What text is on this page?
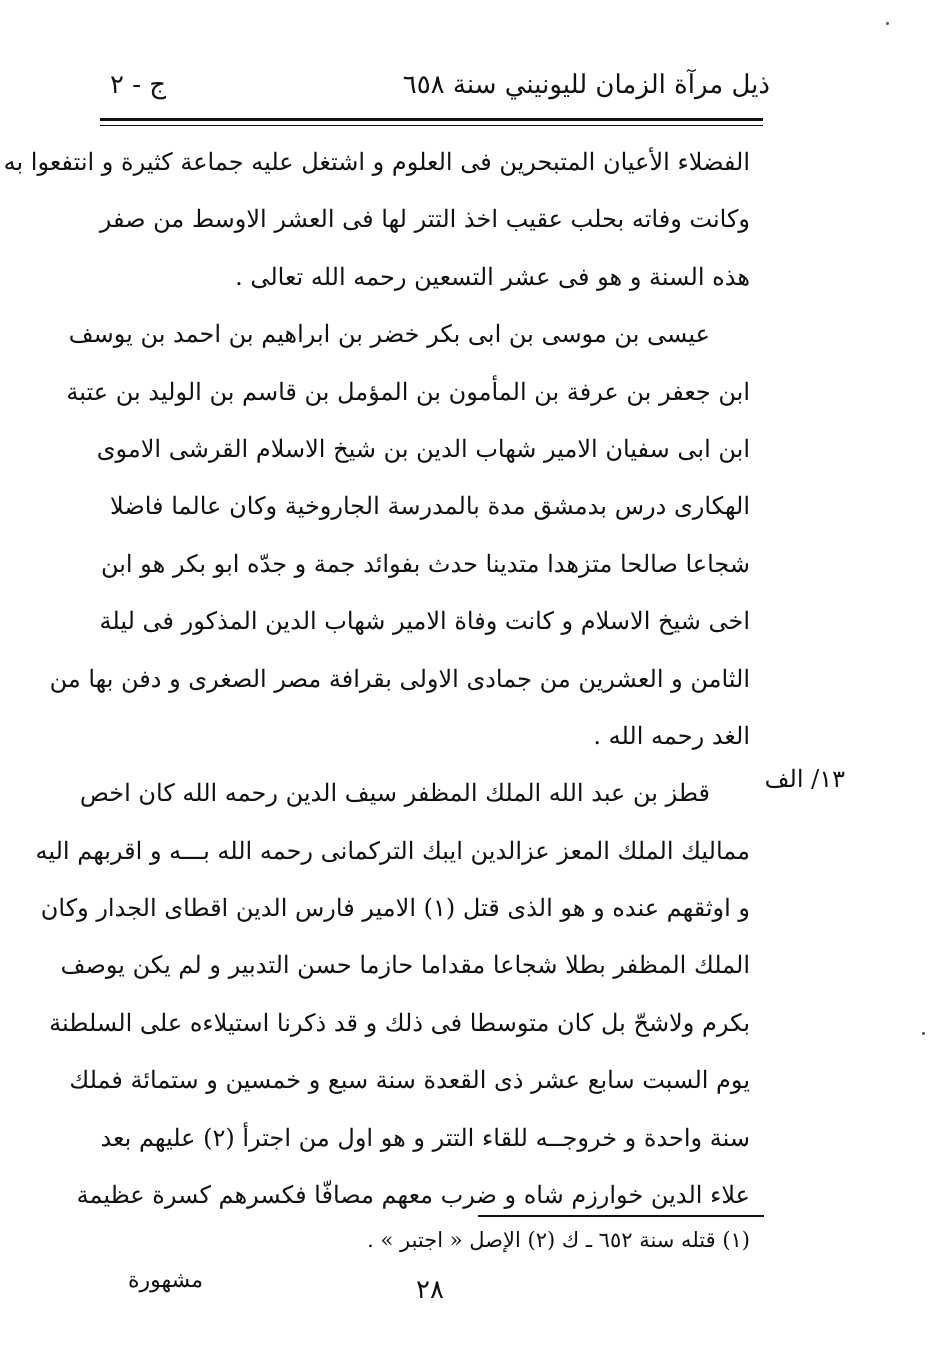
ذيل مرآة الزمان لليونيني سنة ٦٥٨
ج - ٢
الفضلاء الأعيان المتبحرين فى العلوم و اشتغل عليه جماعة كثيرة و انتفعوا به
وكانت وفاته بحلب عقيب اخذ التتر لها فى العشر الاوسط من صفر
هذه السنة و هو فى عشر التسعين رحمه الله تعالى .
عيسى بن موسى بن ابى بكر خضر بن ابراهيم بن احمد بن يوسف
ابن جعفر بن عرفة بن المأمون بن المؤمل بن قاسم بن الوليد بن عتبة
ابن ابى سفيان الامير شهاب الدين بن شيخ الاسلام القرشى الاموى
الهكارى درس بدمشق مدة بالمدرسة الجاروخية وكان عالما فاضلا
شجاعا صالحا متزهدا متدينا حدث بفوائد جمة و جدّه ابو بكر هو ابن
اخى شيخ الاسلام و كانت وفاة الامير شهاب الدين المذكور فى ليلة
الثامن و العشرين من جمادى الاولى بقرافة مصر الصغرى و دفن بها من
الغد رحمه الله .
قطز بن عبد الله الملك المظفر سيف الدين رحمه الله كان اخص
مماليك الملك المعز عزالدين ايبك التركمانى رحمه الله بـــه و اقربهم اليه
و اوثقهم عنده و هو الذى قتل (١) الامير فارس الدين اقطاى الجدار وكان
الملك المظفر بطلا شجاعا مقداما حازما حسن التدبير و لم يكن يوصف
بكرم ولاشحّ بل كان متوسطا فى ذلك و قد ذكرنا استيلاءه على السلطنة
يوم السبت سابع عشر ذى القعدة سنة سبع و خمسين و ستمائة فملك
سنة واحدة و خروجــه للقاء التتر و هو اول من اجترأ (٢) عليهم بعد
علاء الدين خوارزم شاه و ضرب معهم مصافّا فكسرهم كسرة عظيمة
١٣/ الف
(١) قتله سنة ٦٥٢ ـ ك (٢) الإصل « اجتبر » .
مشهورة	٢٨
